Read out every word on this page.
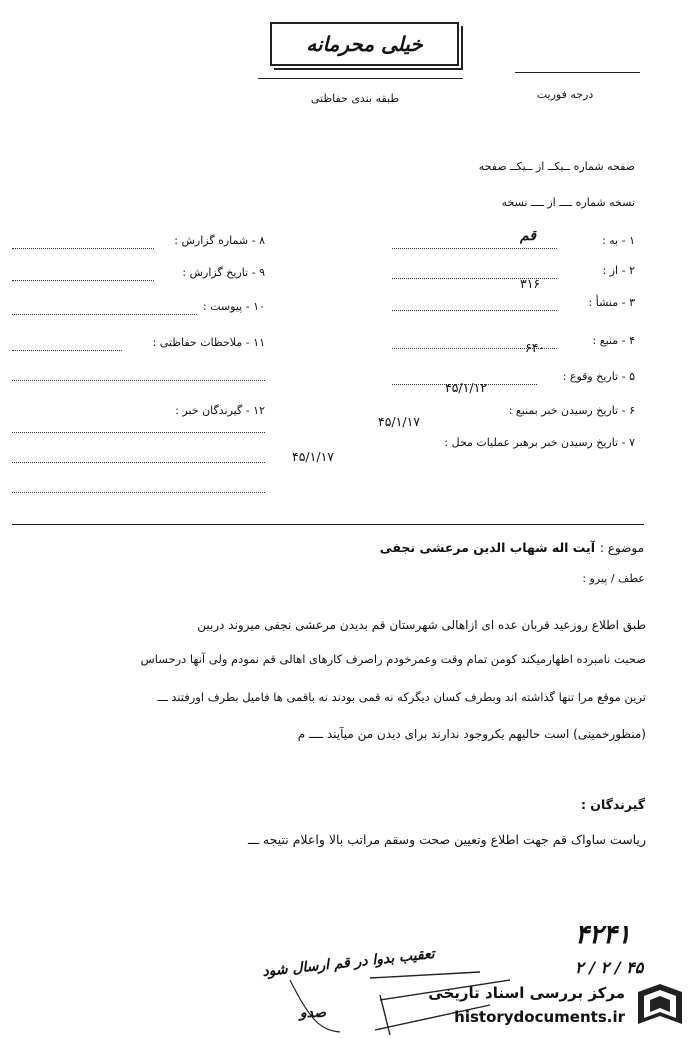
خیلی محرمانه
طبقه بندی حفاظتی	درجه فوریت
صفحه شماره ــیکــ از ــیکــ صفحه
نسخه شماره ــــ از ــــ نسخه
۱ - به :
قم
۲ - از :
۳۱۶
۳ - منشأ :
۴ - منبع :
۶۴۰
۵ - تاریخ وقوع :
۴۵/۱/۱۲
۶ - تاریخ رسیدن خبر بمنبع :
۴۵/۱/۱۷
۷ - تاریخ رسیدن خبر برهبر عملیات محل :
۴۵/۱/۱۷
۸ - شماره گزارش :
۹ - تاریخ گزارش :
۱۰ - پیوست :
۱۱ - ملاحظات حفاظتی :
۱۲ - گیرندگان خبر :
موضوع :
آیت اله شهاب الدین مرعشی نجفی
عطف / پیرو :
طبق اطلاع روزعید قربان عده ای ازاهالی شهرستان قم بدیدن مرعشی نجفی میروند دربین
صحبت نامبرده اظهارمیکند کومن تمام وقت وعمرخودم راصرف کارهای اهالی قم نمودم ولی آنها درحساس
ترین موقع مرا تنها گذاشته اند وبطرف کسان دیگرکه نه قمی بودند نه باقمی ها فامیل بطرف اورفتند ـــ
(منظورخمینی) است حالیهم یکروجود ندارند برای دیدن من میآیند ــــ م
گیرندگان :
ریاست ساواک قم جهت اطلاع وتعیین صحت وسقم مراتب بالا واعلام نتیجه ـــ
تعقیب بدوا در قم ارسال شود
۴۲۴۱
۲ / ۲ / ۴۵
صدو
مرکز بررسی اسناد تاریخی
historydocuments.ir
